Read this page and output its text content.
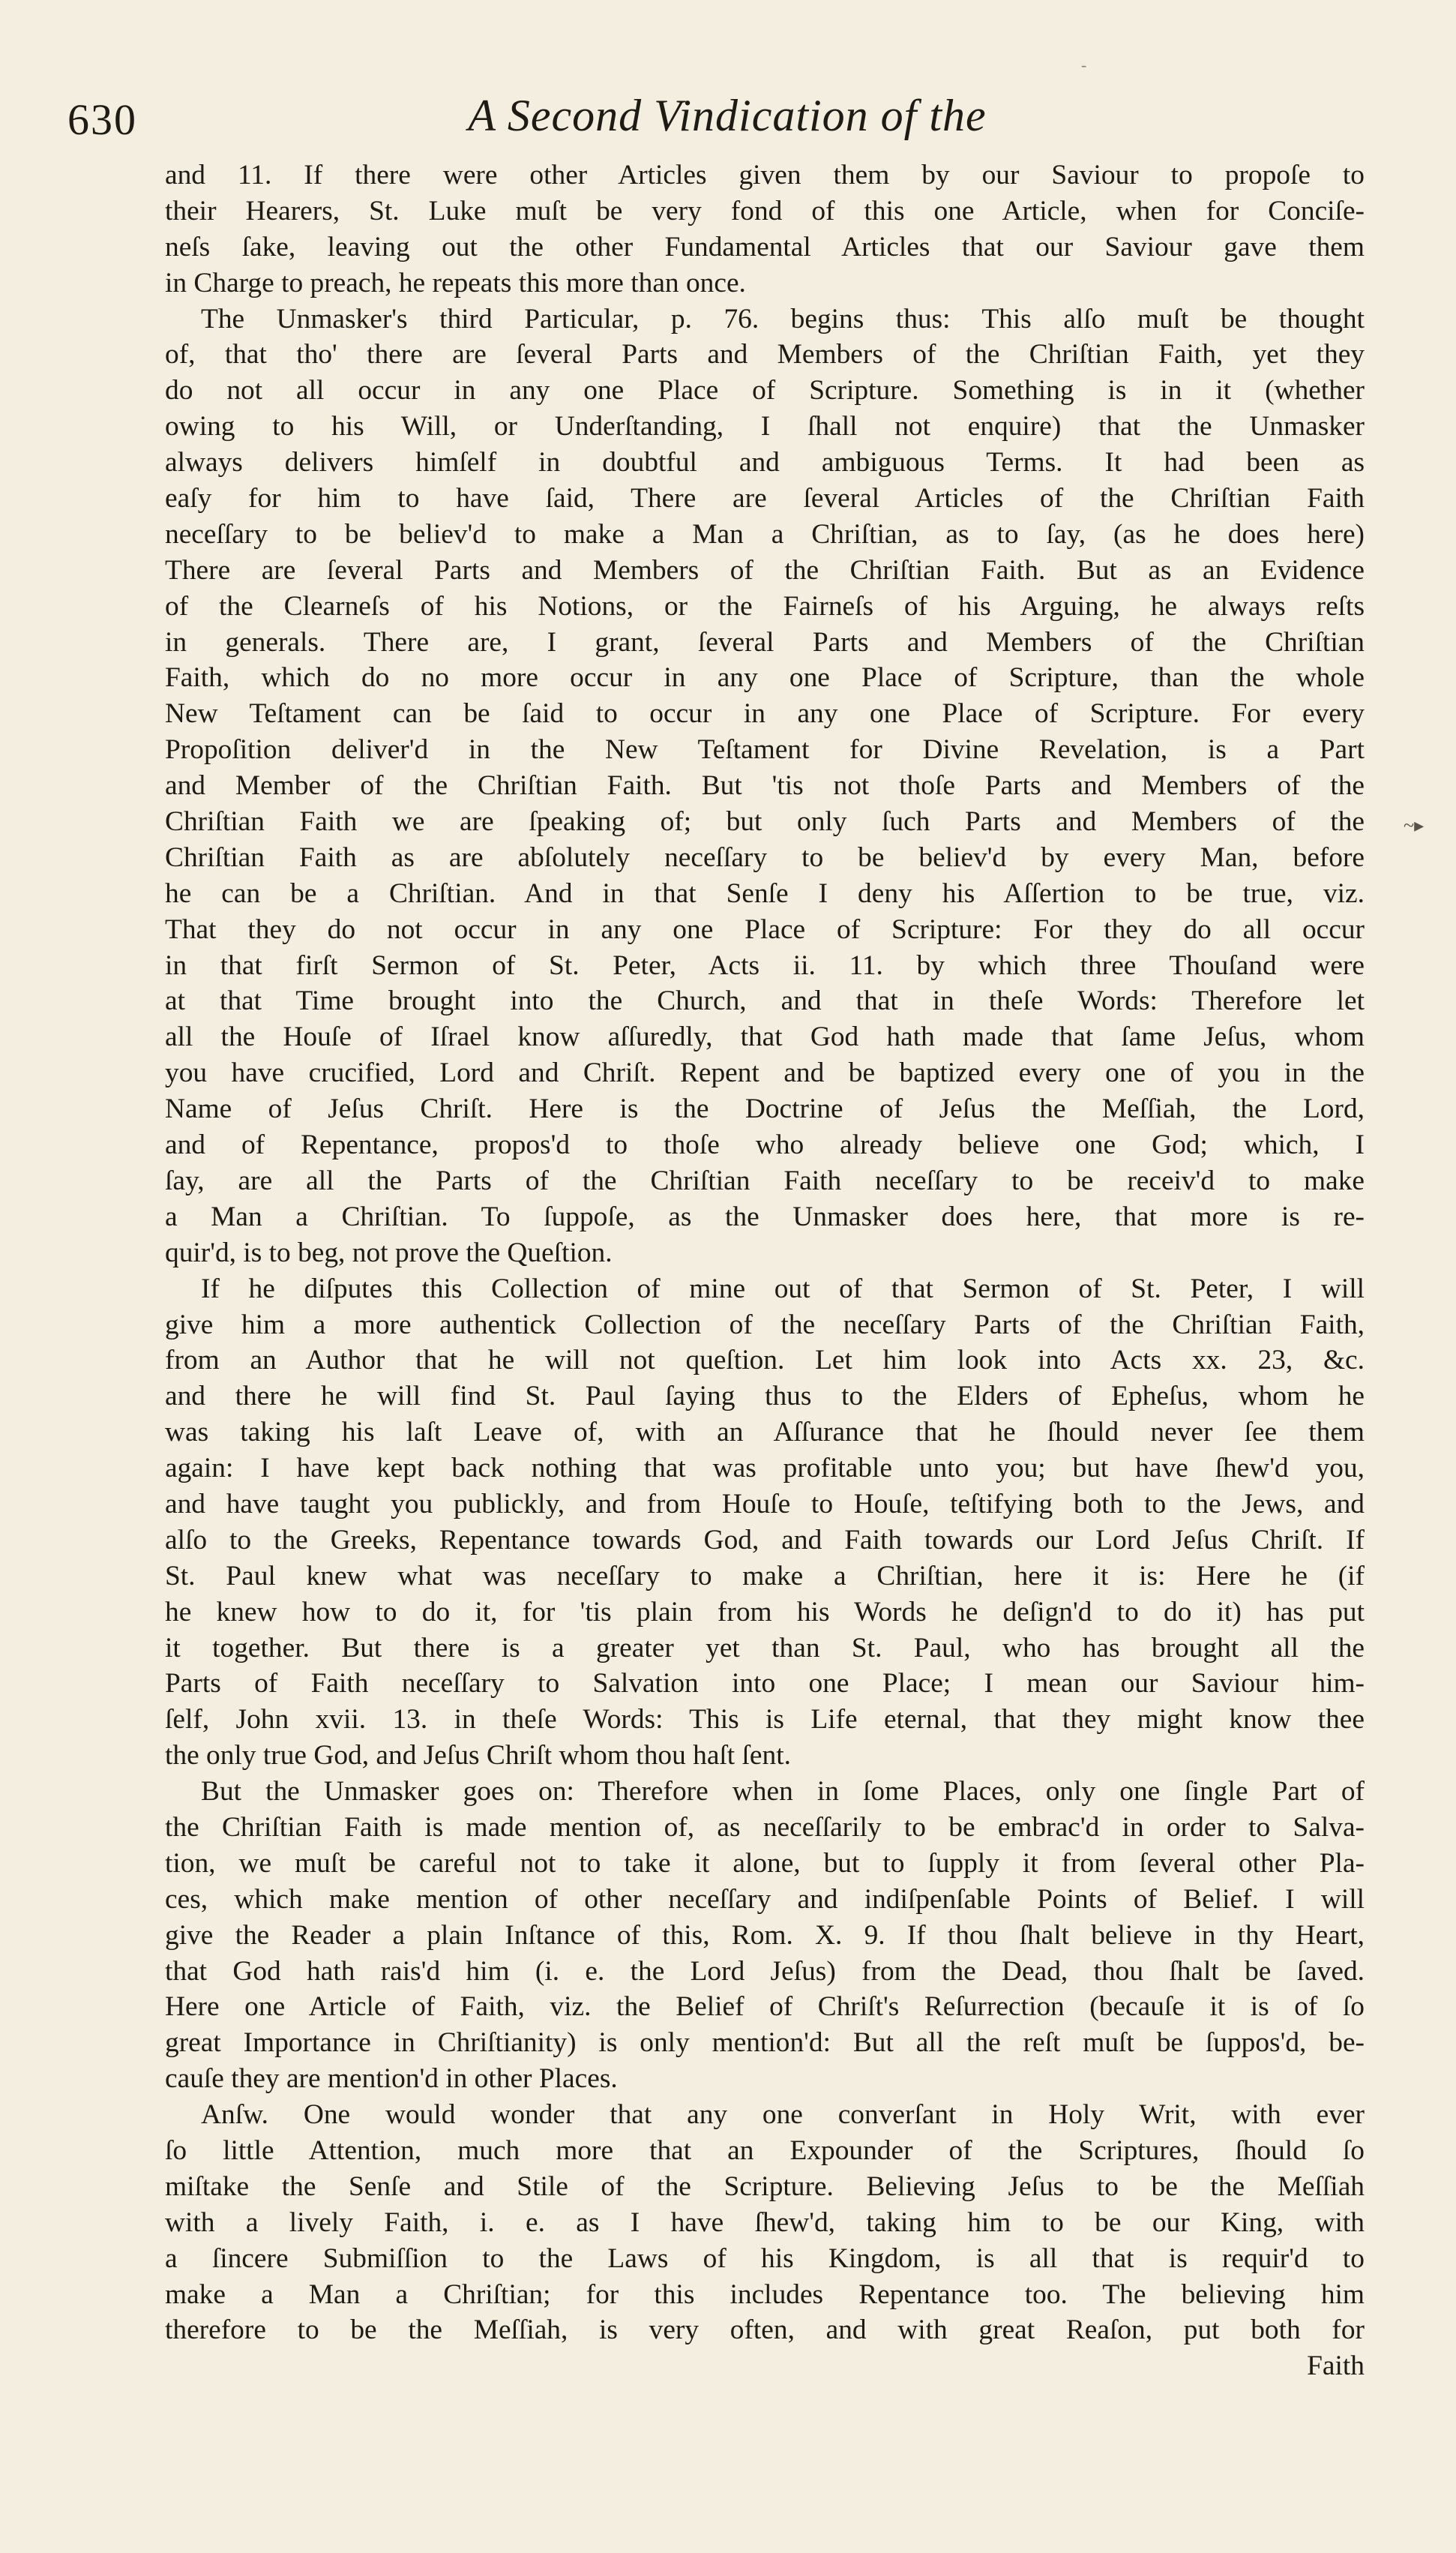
-
630	A Second Vindication of the
and 11. If there were other Articles given them by our Saviour to propoſe to
their Hearers, St. Luke muſt be very fond of this one Article, when for Conciſe-
neſs ſake, leaving out the other Fundamental Articles that our Saviour gave them
in Charge to preach, he repeats this more than once.
The Unmasker's third Particular, p. 76. begins thus: This alſo muſt be thought
of, that tho' there are ſeveral Parts and Members of the Chriſtian Faith, yet they
do not all occur in any one Place of Scripture. Something is in it (whether
owing to his Will, or Underſtanding, I ſhall not enquire) that the Unmasker
always delivers himſelf in doubtful and ambiguous Terms. It had been as
eaſy for him to have ſaid, There are ſeveral Articles of the Chriſtian Faith
neceſſary to be believ'd to make a Man a Chriſtian, as to ſay, (as he does here)
There are ſeveral Parts and Members of the Chriſtian Faith. But as an Evidence
of the Clearneſs of his Notions, or the Fairneſs of his Arguing, he always reſts
in generals. There are, I grant, ſeveral Parts and Members of the Chriſtian
Faith, which do no more occur in any one Place of Scripture, than the whole
New Teſtament can be ſaid to occur in any one Place of Scripture. For every
Propoſition deliver'd in the New Teſtament for Divine Revelation, is a Part
and Member of the Chriſtian Faith. But 'tis not thoſe Parts and Members of the
Chriſtian Faith we are ſpeaking of; but only ſuch Parts and Members of the
Chriſtian Faith as are abſolutely neceſſary to be believ'd by every Man, before
he can be a Chriſtian. And in that Senſe I deny his Aſſertion to be true, viz.
That they do not occur in any one Place of Scripture: For they do all occur
in that firſt Sermon of St. Peter, Acts ii. 11. by which three Thouſand were
at that Time brought into the Church, and that in theſe Words: Therefore let
all the Houſe of Iſrael know aſſuredly, that God hath made that ſame Jeſus, whom
you have crucified, Lord and Chriſt. Repent and be baptized every one of you in the
Name of Jeſus Chriſt. Here is the Doctrine of Jeſus the Meſſiah, the Lord,
and of Repentance, propos'd to thoſe who already believe one God; which, I
ſay, are all the Parts of the Chriſtian Faith neceſſary to be receiv'd to make
a Man a Chriſtian. To ſuppoſe, as the Unmasker does here, that more is re-
quir'd, is to beg, not prove the Queſtion.
If he diſputes this Collection of mine out of that Sermon of St. Peter, I will
give him a more authentick Collection of the neceſſary Parts of the Chriſtian Faith,
from an Author that he will not queſtion. Let him look into Acts xx. 23, &c.
and there he will find St. Paul ſaying thus to the Elders of Epheſus, whom he
was taking his laſt Leave of, with an Aſſurance that he ſhould never ſee them
again: I have kept back nothing that was profitable unto you; but have ſhew'd you,
and have taught you publickly, and from Houſe to Houſe, teſtifying both to the Jews, and
alſo to the Greeks, Repentance towards God, and Faith towards our Lord Jeſus Chriſt. If
St. Paul knew what was neceſſary to make a Chriſtian, here it is: Here he (if
he knew how to do it, for 'tis plain from his Words he deſign'd to do it) has put
it together. But there is a greater yet than St. Paul, who has brought all the
Parts of Faith neceſſary to Salvation into one Place; I mean our Saviour him-
ſelf, John xvii. 13. in theſe Words: This is Life eternal, that they might know thee
the only true God, and Jeſus Chriſt whom thou haſt ſent.
But the Unmasker goes on: Therefore when in ſome Places, only one ſingle Part of
the Chriſtian Faith is made mention of, as neceſſarily to be embrac'd in order to Salva-
tion, we muſt be careful not to take it alone, but to ſupply it from ſeveral other Pla-
ces, which make mention of other neceſſary and indiſpenſable Points of Belief. I will
give the Reader a plain Inſtance of this, Rom. X. 9. If thou ſhalt believe in thy Heart,
that God hath rais'd him (i. e. the Lord Jeſus) from the Dead, thou ſhalt be ſaved.
Here one Article of Faith, viz. the Belief of Chriſt's Reſurrection (becauſe it is of ſo
great Importance in Chriſtianity) is only mention'd: But all the reſt muſt be ſuppos'd, be-
cauſe they are mention'd in other Places.
Anſw. One would wonder that any one converſant in Holy Writ, with ever
ſo little Attention, much more that an Expounder of the Scriptures, ſhould ſo
miſtake the Senſe and Stile of the Scripture. Believing Jeſus to be the Meſſiah
with a lively Faith, i. e. as I have ſhew'd, taking him to be our King, with
a ſincere Submiſſion to the Laws of his Kingdom, is all that is requir'd to
make a Man a Chriſtian; for this includes Repentance too. The believing him
therefore to be the Meſſiah, is very often, and with great Reaſon, put both for
Faith
~▸
